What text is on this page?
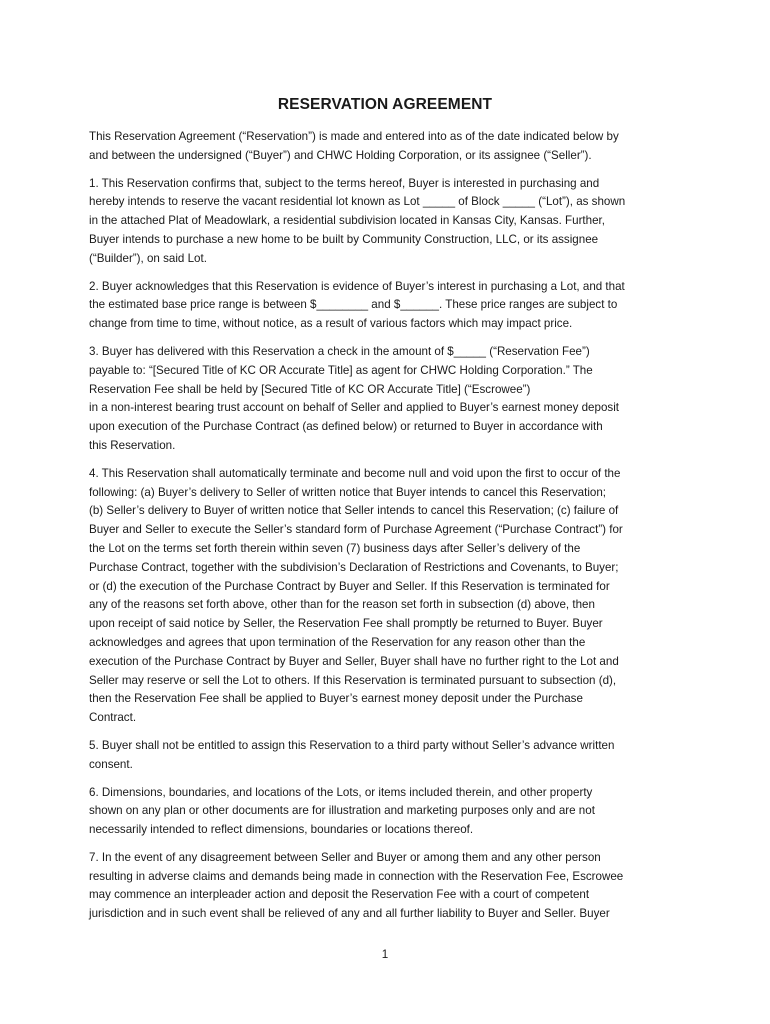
RESERVATION AGREEMENT

This Reservation Agreement (“Reservation”) is made and entered into as of the date indicated below by
and between the undersigned (“Buyer”) and CHWC Holding Corporation, or its assignee (“Seller”).

1. This Reservation confirms that, subject to the terms hereof, Buyer is interested in purchasing and
hereby intends to reserve the vacant residential lot known as Lot _____ of Block _____ (“Lot”), as shown
in the attached Plat of Meadowlark, a residential subdivision located in Kansas City, Kansas. Further,
Buyer intends to purchase a new home to be built by Community Construction, LLC, or its assignee
(“Builder”), on said Lot.

2. Buyer acknowledges that this Reservation is evidence of Buyer’s interest in purchasing a Lot, and that
the estimated base price range is between $________ and $______. These price ranges are subject to
change from time to time, without notice, as a result of various factors which may impact price.

3. Buyer has delivered with this Reservation a check in the amount of $_____ (“Reservation Fee”)
payable to: “[Secured Title of KC OR Accurate Title] as agent for CHWC Holding Corporation.” The
Reservation Fee shall be held by [Secured Title of KC OR Accurate Title] (“Escrowee”)
in a non-interest bearing trust account on behalf of Seller and applied to Buyer’s earnest money deposit
upon execution of the Purchase Contract (as defined below) or returned to Buyer in accordance with
this Reservation.

4. This Reservation shall automatically terminate and become null and void upon the first to occur of the
following: (a) Buyer’s delivery to Seller of written notice that Buyer intends to cancel this Reservation;
(b) Seller’s delivery to Buyer of written notice that Seller intends to cancel this Reservation; (c) failure of
Buyer and Seller to execute the Seller’s standard form of Purchase Agreement (“Purchase Contract”) for
the Lot on the terms set forth therein within seven (7) business days after Seller’s delivery of the
Purchase Contract, together with the subdivision’s Declaration of Restrictions and Covenants, to Buyer;
or (d) the execution of the Purchase Contract by Buyer and Seller. If this Reservation is terminated for
any of the reasons set forth above, other than for the reason set forth in subsection (d) above, then
upon receipt of said notice by Seller, the Reservation Fee shall promptly be returned to Buyer. Buyer
acknowledges and agrees that upon termination of the Reservation for any reason other than the
execution of the Purchase Contract by Buyer and Seller, Buyer shall have no further right to the Lot and
Seller may reserve or sell the Lot to others. If this Reservation is terminated pursuant to subsection (d),
then the Reservation Fee shall be applied to Buyer’s earnest money deposit under the Purchase
Contract.

5. Buyer shall not be entitled to assign this Reservation to a third party without Seller’s advance written
consent.

6. Dimensions, boundaries, and locations of the Lots, or items included therein, and other property
shown on any plan or other documents are for illustration and marketing purposes only and are not
necessarily intended to reflect dimensions, boundaries or locations thereof.

7. In the event of any disagreement between Seller and Buyer or among them and any other person
resulting in adverse claims and demands being made in connection with the Reservation Fee, Escrowee
may commence an interpleader action and deposit the Reservation Fee with a court of competent
jurisdiction and in such event shall be relieved of any and all further liability to Buyer and Seller. Buyer

1
